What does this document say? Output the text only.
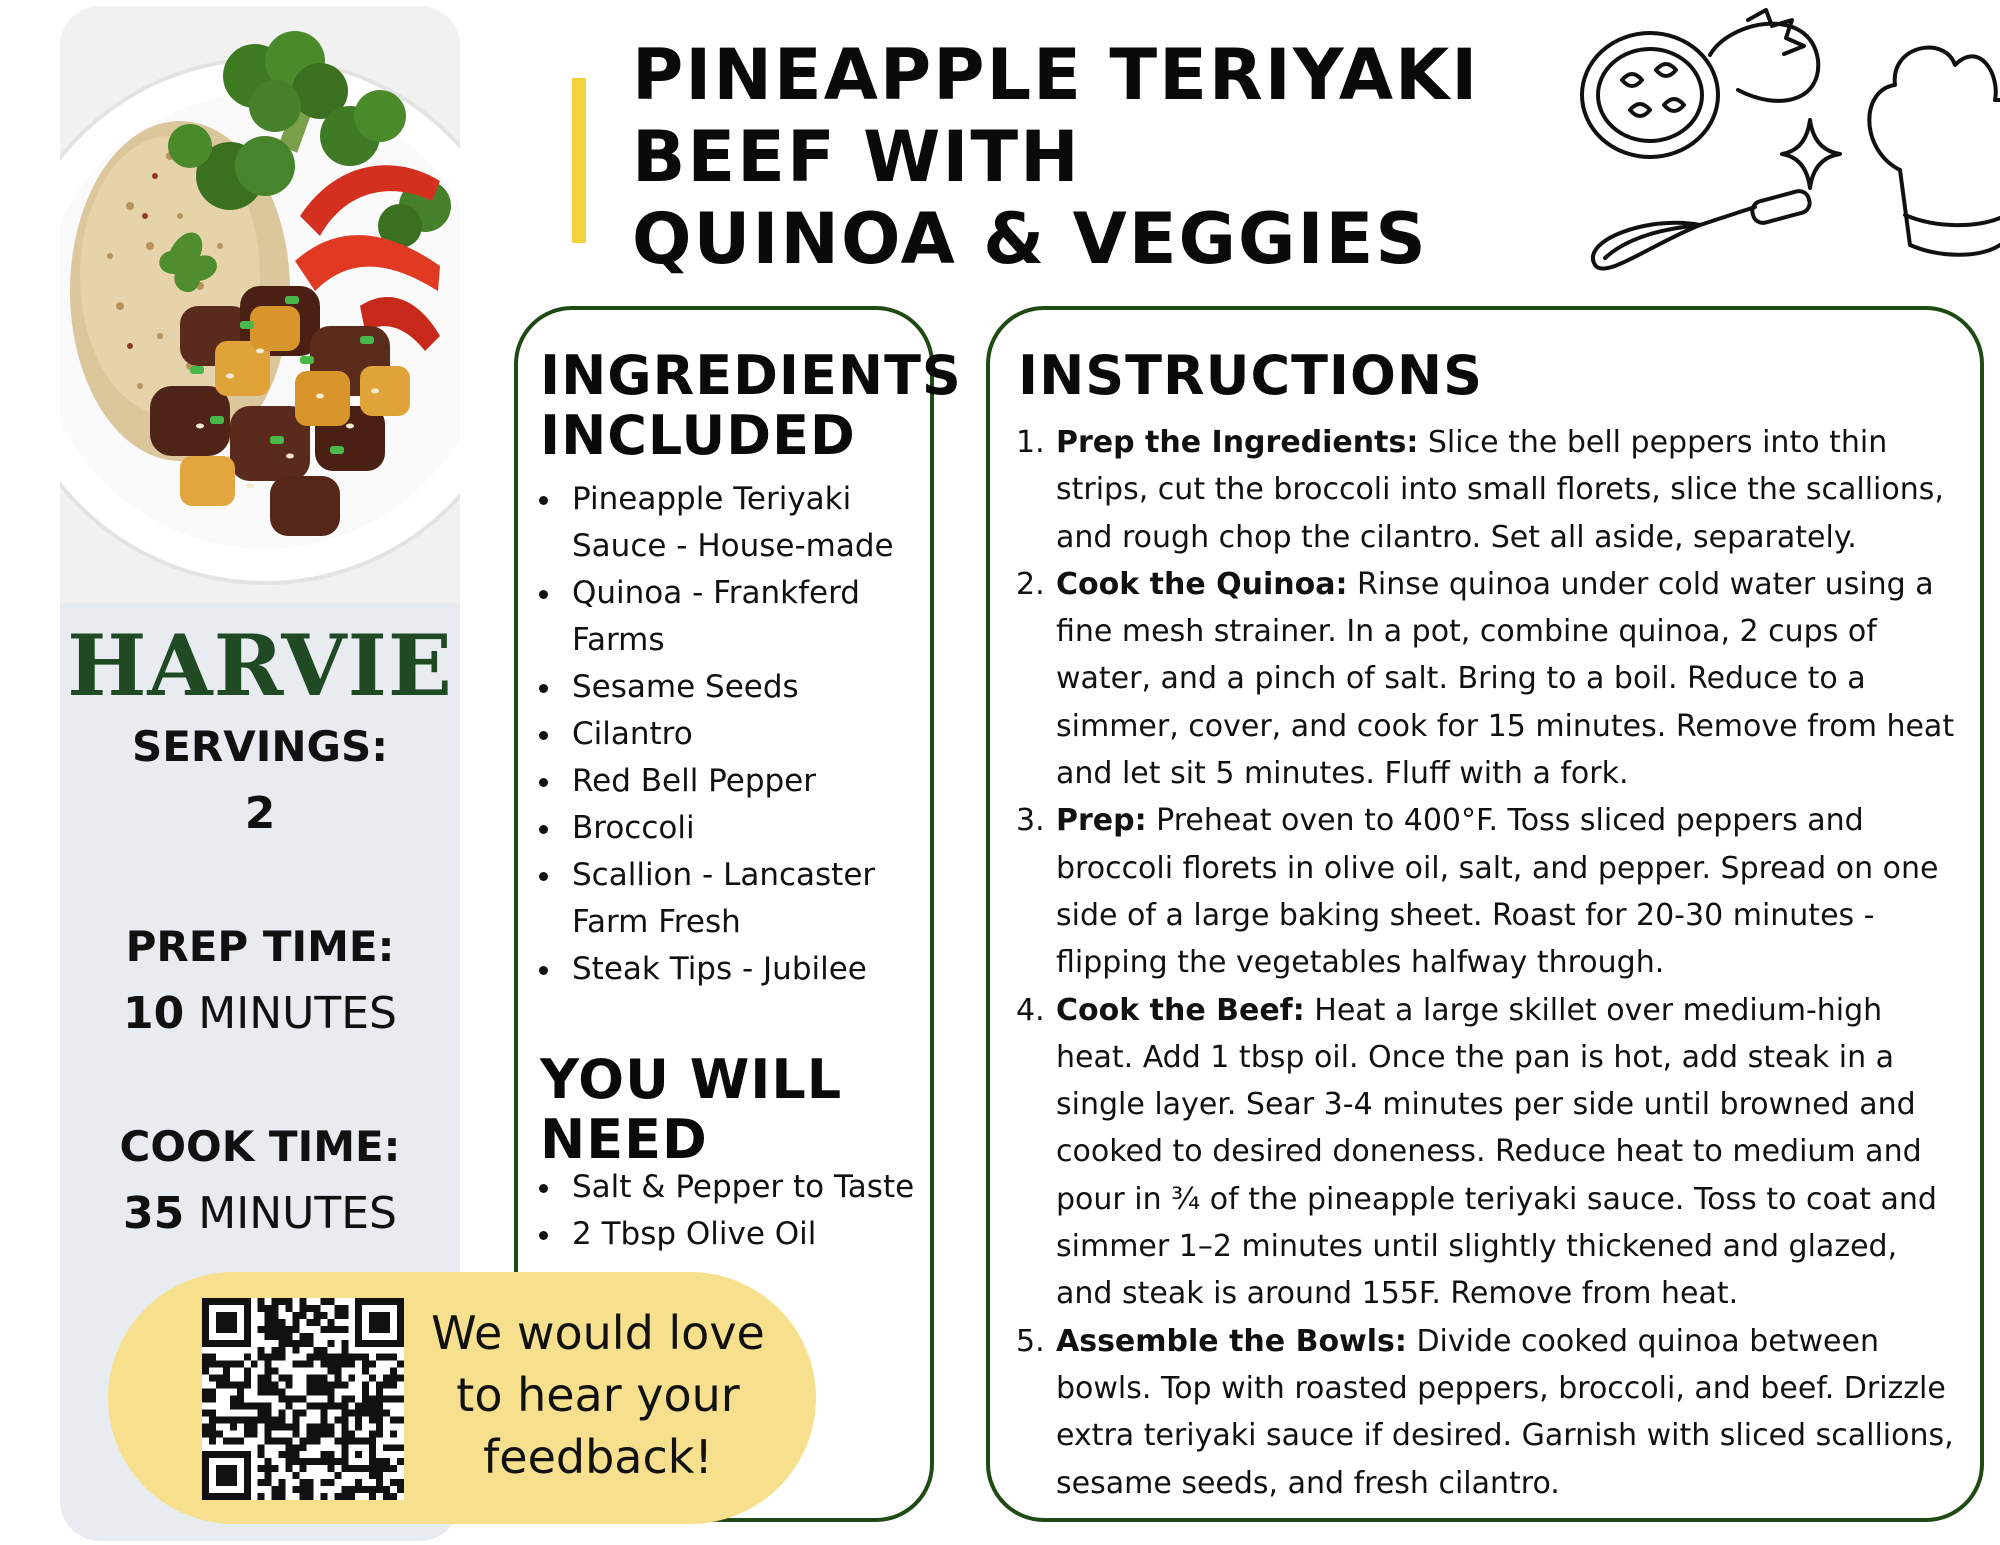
HARVIE
SERVINGS:
2
PREP TIME:
10 MINUTES
COOK TIME:
35 MINUTES
PINEAPPLE TERIYAKI
BEEF WITH
QUINOA & VEGGIES
INGREDIENTS
INCLUDED
Pineapple Teriyaki Sauce - House-made
Quinoa - Frankferd Farms
Sesame Seeds
Cilantro
Red Bell Pepper
Broccoli
Scallion - Lancaster Farm Fresh
Steak Tips - Jubilee
YOU WILL
NEED
Salt & Pepper to Taste
2 Tbsp Olive Oil
INSTRUCTIONS
1. Prep the Ingredients: Slice the bell peppers into thin strips, cut the broccoli into small florets, slice the scallions, and rough chop the cilantro. Set all aside, separately.
2. Cook the Quinoa: Rinse quinoa under cold water using a fine mesh strainer. In a pot, combine quinoa, 2 cups of water, and a pinch of salt. Bring to a boil. Reduce to a simmer, cover, and cook for 15 minutes. Remove from heat and let sit 5 minutes. Fluff with a fork.
3. Prep: Preheat oven to 400°F. Toss sliced peppers and broccoli florets in olive oil, salt, and pepper. Spread on one side of a large baking sheet. Roast for 20-30 minutes - flipping the vegetables halfway through.
4. Cook the Beef: Heat a large skillet over medium-high heat. Add 1 tbsp oil. Once the pan is hot, add steak in a single layer. Sear 3-4 minutes per side until browned and cooked to desired doneness. Reduce heat to medium and pour in ¾ of the pineapple teriyaki sauce. Toss to coat and simmer 1–2 minutes until slightly thickened and glazed, and steak is around 155F. Remove from heat.
5. Assemble the Bowls: Divide cooked quinoa between bowls. Top with roasted peppers, broccoli, and beef. Drizzle extra teriyaki sauce if desired. Garnish with sliced scallions, sesame seeds, and fresh cilantro.
We would love
to hear your
feedback!
